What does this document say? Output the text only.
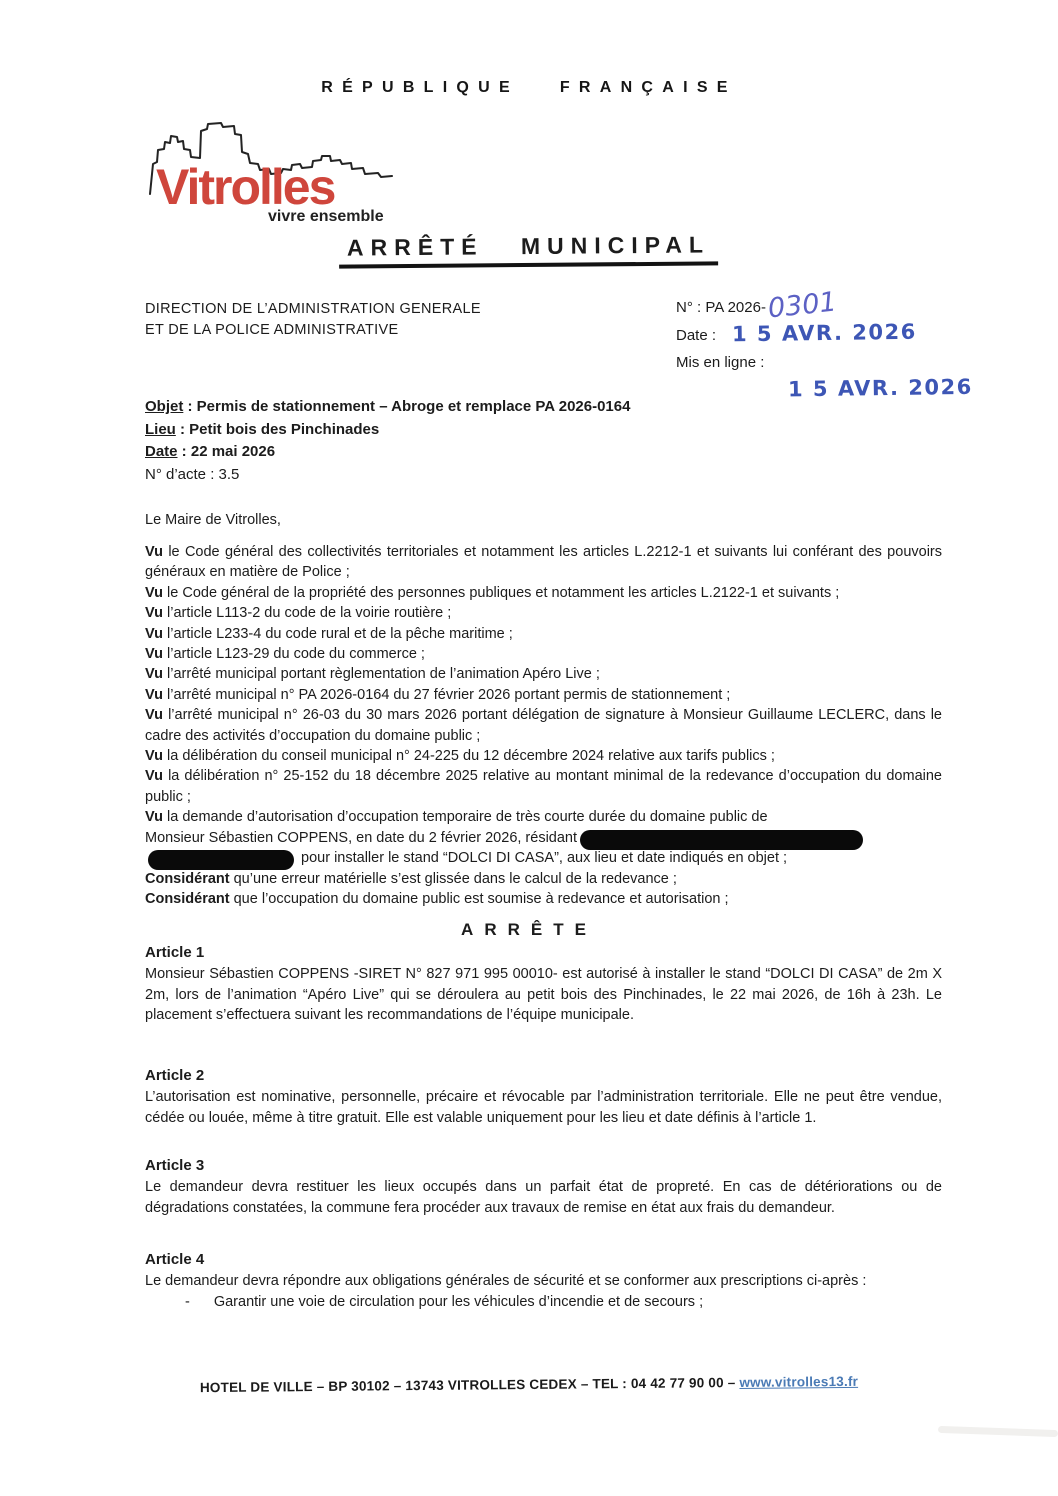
RÉPUBLIQUE FRANÇAISE
Vitrolles
vivre ensemble
ARRÊTÉ MUNICIPAL
DIRECTION DE L’ADMINISTRATION GENERALE
ET DE LA POLICE ADMINISTRATIVE
N° : PA 2026-0301
Date : 1 5 AVR. 2026
Mis en ligne :
1 5 AVR. 2026
Objet : Permis de stationnement – Abroge et remplace PA 2026-0164
Lieu : Petit bois des Pinchinades
Date : 22 mai 2026
N° d’acte : 3.5
Le Maire de Vitrolles,
Vu le Code général des collectivités territoriales et notamment les articles L.2212-1 et suivants lui conférant des pouvoirs généraux en matière de Police ;
Vu le Code général de la propriété des personnes publiques et notamment les articles L.2122-1 et suivants ;
Vu l’article L113-2 du code de la voirie routière ;
Vu l’article L233-4 du code rural et de la pêche maritime ;
Vu l’article L123-29 du code du commerce ;
Vu l’arrêté municipal portant règlementation de l’animation Apéro Live ;
Vu l’arrêté municipal n° PA 2026-0164 du 27 février 2026 portant permis de stationnement ;
Vu l’arrêté municipal n° 26-03 du 30 mars 2026 portant délégation de signature à Monsieur Guillaume LECLERC, dans le cadre des activités d’occupation du domaine public ;
Vu la délibération du conseil municipal n° 24-225 du 12 décembre 2024 relative aux tarifs publics ;
Vu la délibération n° 25-152 du 18 décembre 2025 relative au montant minimal de la redevance d’occupation du domaine public ;
Vu la demande d’autorisation d’occupation temporaire de très courte durée du domaine public de
Monsieur Sébastien COPPENS, en date du 2 février 2026, résidant
pour installer le stand “DOLCI DI CASA”, aux lieu et date indiqués en objet ;
Considérant qu’une erreur matérielle s’est glissée dans le calcul de la redevance ;
Considérant que l’occupation du domaine public est soumise à redevance et autorisation ;
ARRÊTE
Article 1
Monsieur Sébastien COPPENS -SIRET N° 827 971 995 00010- est autorisé à installer le stand “DOLCI DI CASA” de 2m X 2m, lors de l’animation “Apéro Live” qui se déroulera au petit bois des Pinchinades, le 22 mai 2026, de 16h à 23h. Le placement s’effectuera suivant les recommandations de l’équipe municipale.
Article 2
L’autorisation est nominative, personnelle, précaire et révocable par l’administration territoriale. Elle ne peut être vendue, cédée ou louée, même à titre gratuit. Elle est valable uniquement pour les lieu et date définis à l’article 1.
Article 3
Le demandeur devra restituer les lieux occupés dans un parfait état de propreté. En cas de détériorations ou de dégradations constatées, la commune fera procéder aux travaux de remise en état aux frais du demandeur.
Article 4
Le demandeur devra répondre aux obligations générales de sécurité et se conformer aux prescriptions ci-après :
- Garantir une voie de circulation pour les véhicules d’incendie et de secours ;
HOTEL DE VILLE – BP 30102 – 13743 VITROLLES CEDEX – TEL : 04 42 77 90 00 – www.vitrolles13.fr
